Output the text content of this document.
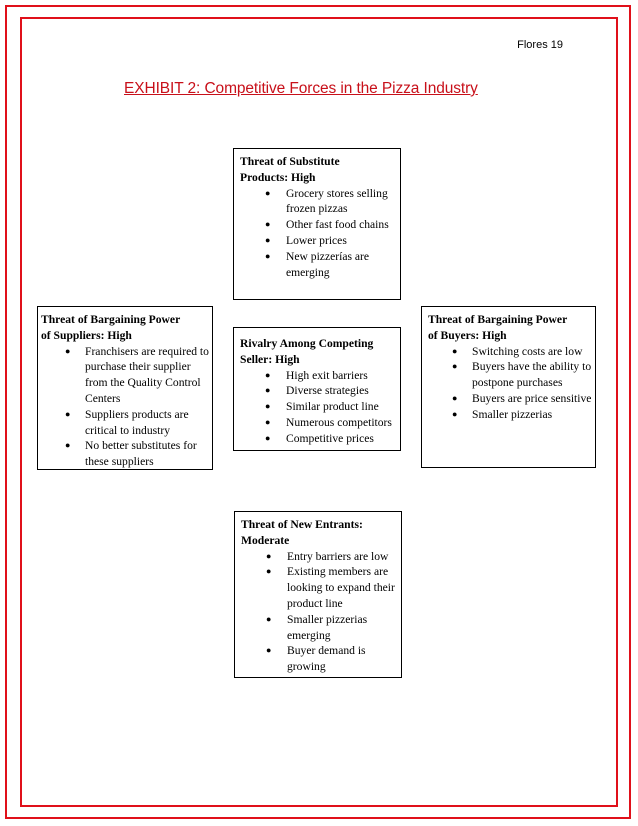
Flores 19
EXHIBIT 2: Competitive Forces in the Pizza Industry

Threat of Substitute
Products: High

● Grocery stores selling frozen pizzas
● Other fast food chains
● Lower prices
● New pizzerías are emerging

Threat of Bargaining Power
of Suppliers: High

● Franchisers are required to purchase their supplier from the Quality Control Centers
● Suppliers products are critical to industry
● No better substitutes for these suppliers

Rivalry Among Competing
Seller: High

● High exit barriers
● Diverse strategies
● Similar product line
● Numerous competitors
● Competitive prices

Threat of Bargaining Power
of Buyers: High

● Switching costs are low
● Buyers have the ability to postpone purchases
● Buyers are price sensitive
● Smaller pizzerias

Threat of New Entrants:
Moderate

● Entry barriers are low
● Existing members are looking to expand their product line
● Smaller pizzerias emerging
● Buyer demand is growing
